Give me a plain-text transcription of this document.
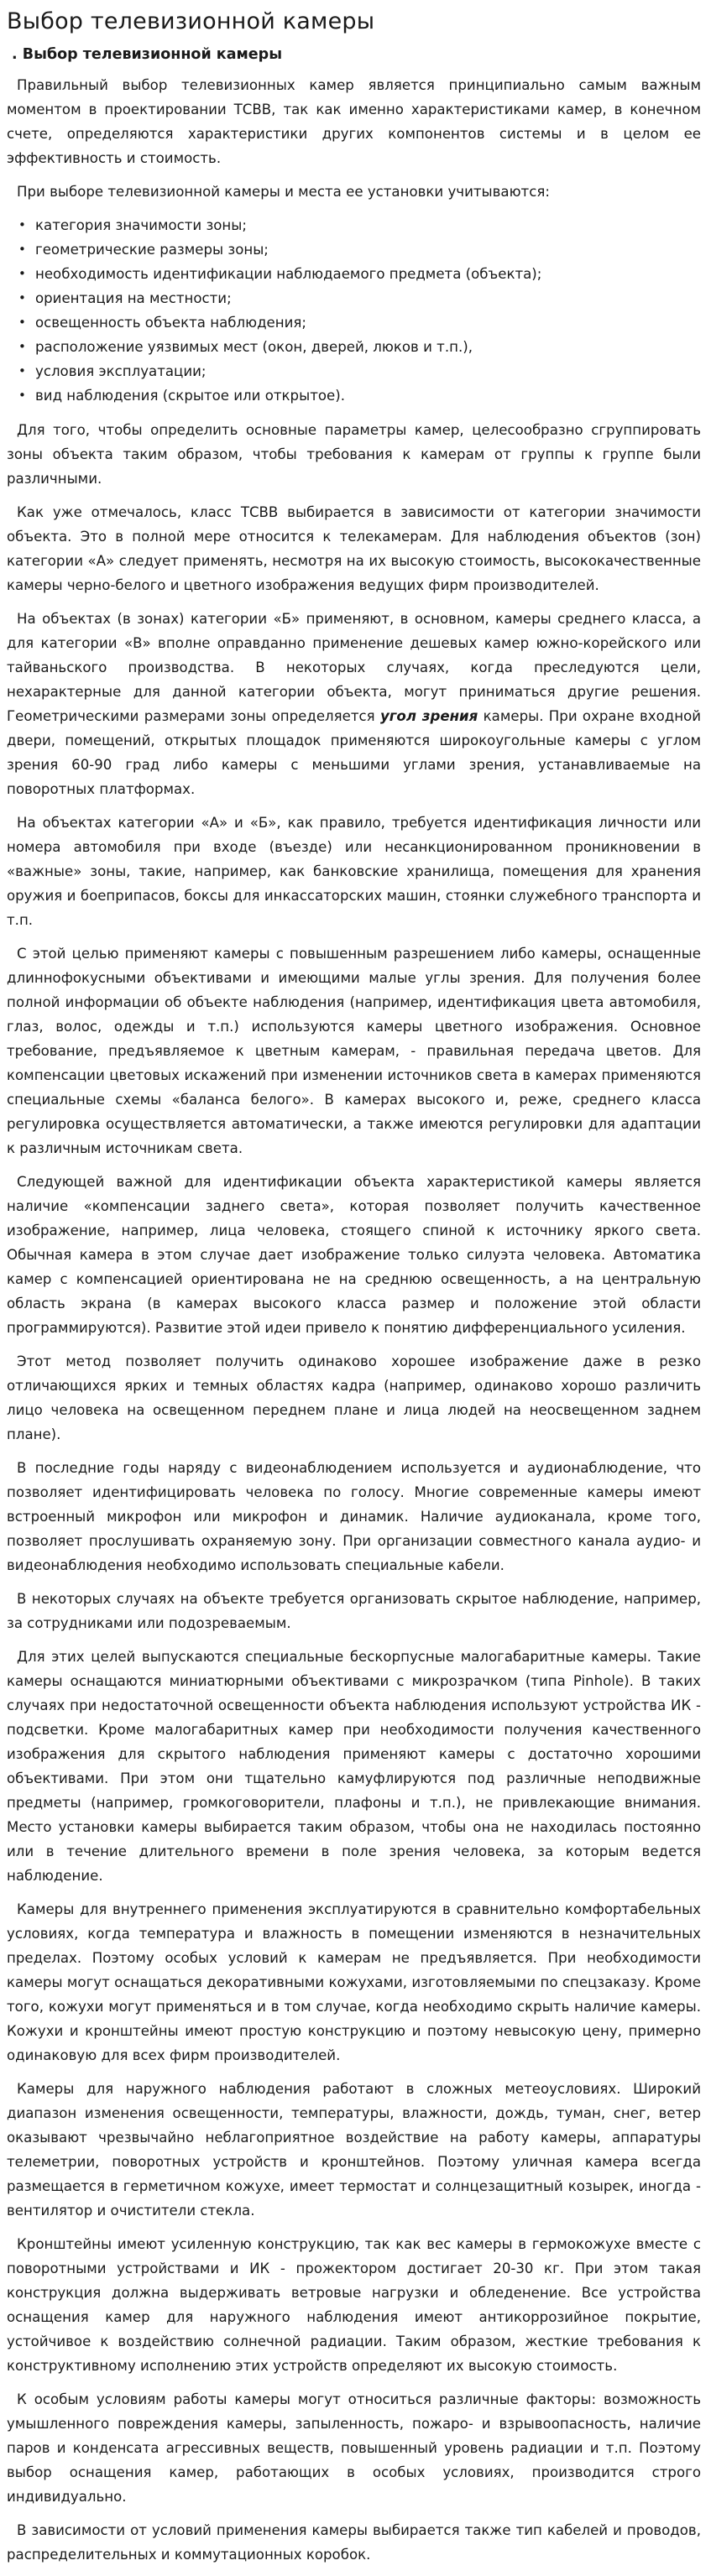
Выбор телевизионной камеры
. Выбор телевизионной камеры

Правильный выбор телевизионных камер является принципиально самым важным моментом в проектировании ТСВВ, так как именно характеристиками камер, в конечном счете, определяются характеристики других компонентов системы и в целом ее эффективность и стоимость.

При выборе телевизионной камеры и места ее установки учитываются:

• категория значимости зоны;
• геометрические размеры зоны;
• необходимость идентификации наблюдаемого предмета (объекта);
• ориентация на местности;
• освещенность объекта наблюдения;
• расположение уязвимых мест (окон, дверей, люков и т.п.),
• условия эксплуатации;
• вид наблюдения (скрытое или открытое).

Для того, чтобы определить основные параметры камер, целесообразно сгруппировать зоны объекта таким образом, чтобы требования к камерам от группы к группе были различными.

Как уже отмечалось, класс ТСВВ выбирается в зависимости от категории значимости объекта. Это в полной мере относится к телекамерам. Для наблюдения объектов (зон) категории «А» следует применять, несмотря на их высокую стоимость, высококачественные камеры черно-белого и цветного изображения ведущих фирм производителей.

На объектах (в зонах) категории «Б» применяют, в основном, камеры среднего класса, а для категории «В» вполне оправданно применение дешевых камер южно-корейского или тайваньского производства. В некоторых случаях, когда преследуются цели, нехарактерные для данной категории объекта, могут приниматься другие решения. Геометрическими размерами зоны определяется угол зрения камеры. При охране входной двери, помещений, открытых площадок применяются широкоугольные камеры с углом зрения 60-90 град либо камеры с меньшими углами зрения, устанавливаемые на поворотных платформах.

На объектах категории «А» и «Б», как правило, требуется идентификация личности или номера автомобиля при входе (въезде) или несанкционированном проникновении в «важные» зоны, такие, например, как банковские хранилища, помещения для хранения оружия и боеприпасов, боксы для инкассаторских машин, стоянки служебного транспорта и т.п.

С этой целью применяют камеры с повышенным разрешением либо камеры, оснащенные длиннофокусными объективами и имеющими малые углы зрения. Для получения более полной информации об объекте наблюдения (например, идентификация цвета автомобиля, глаз, волос, одежды и т.п.) используются камеры цветного изображения. Основное требование, предъявляемое к цветным камерам, - правильная передача цветов. Для компенсации цветовых искажений при изменении источников света в камерах применяются специальные схемы «баланса белого». В камерах высокого и, реже, среднего класса регулировка осуществляется автоматически, а также имеются регулировки для адаптации к различным источникам света.

Следующей важной для идентификации объекта характеристикой камеры является наличие «компенсации заднего света», которая позволяет получить качественное изображение, например, лица человека, стоящего спиной к источнику яркого света. Обычная камера в этом случае дает изображение только силуэта человека. Автоматика камер с компенсацией ориентирована не на среднюю освещенность, а на центральную область экрана (в камерах высокого класса размер и положение этой области программируются). Развитие этой идеи привело к понятию дифференциального усиления.

Этот метод позволяет получить одинаково хорошее изображение даже в резко отличающихся ярких и темных областях кадра (например, одинаково хорошо различить лицо человека на освещенном переднем плане и лица людей на неосвещенном заднем плане).

В последние годы наряду с видеонаблюдением используется и аудионаблюдение, что позволяет идентифицировать человека по голосу. Многие современные камеры имеют встроенный микрофон или микрофон и динамик. Наличие аудиоканала, кроме того, позволяет прослушивать охраняемую зону. При организации совместного канала аудио- и видеонаблюдения необходимо использовать специальные кабели.

В некоторых случаях на объекте требуется организовать скрытое наблюдение, например, за сотрудниками или подозреваемым.

Для этих целей выпускаются специальные бескорпусные малогабаритные камеры. Такие камеры оснащаются миниатюрными объективами с микрозрачком (типа Pinhole). В таких случаях при недостаточной освещенности объекта наблюдения используют устройства ИК - подсветки. Кроме малогабаритных камер при необходимости получения качественного изображения для скрытого наблюдения применяют камеры с достаточно хорошими объективами. При этом они тщательно камуфлируются под различные неподвижные предметы (например, громкоговорители, плафоны и т.п.), не привлекающие внимания. Место установки камеры выбирается таким образом, чтобы она не находилась постоянно или в течение длительного времени в поле зрения человека, за которым ведется наблюдение.

Камеры для внутреннего применения эксплуатируются в сравнительно комфортабельных условиях, когда температура и влажность в помещении изменяются в незначительных пределах. Поэтому особых условий к камерам не предъявляется. При необходимости камеры могут оснащаться декоративными кожухами, изготовляемыми по спецзаказу. Кроме того, кожухи могут применяться и в том случае, когда необходимо скрыть наличие камеры. Кожухи и кронштейны имеют простую конструкцию и поэтому невысокую цену, примерно одинаковую для всех фирм производителей.

Камеры для наружного наблюдения работают в сложных метеоусловиях. Широкий диапазон изменения освещенности, температуры, влажности, дождь, туман, снег, ветер оказывают чрезвычайно неблагоприятное воздействие на работу камеры, аппаратуры телеметрии, поворотных устройств и кронштейнов. Поэтому уличная камера всегда размещается в герметичном кожухе, имеет термостат и солнцезащитный козырек, иногда - вентилятор и очистители стекла.

Кронштейны имеют усиленную конструкцию, так как вес камеры в гермокожухе вместе с поворотными устройствами и ИК - прожектором достигает 20-30 кг. При этом такая конструкция должна выдерживать ветровые нагрузки и обледенение. Все устройства оснащения камер для наружного наблюдения имеют антикоррозийное покрытие, устойчивое к воздействию солнечной радиации. Таким образом, жесткие требования к конструктивному исполнению этих устройств определяют их высокую стоимость.

К особым условиям работы камеры могут относиться различные факторы: возможность умышленного повреждения камеры, запыленность, пожаро- и взрывоопасность, наличие паров и конденсата агрессивных веществ, повышенный уровень радиации и т.п. Поэтому выбор оснащения камер, работающих в особых условиях, производится строго индивидуально.

В зависимости от условий применения камеры выбирается также тип кабелей и проводов, распределительных и коммутационных коробок.
